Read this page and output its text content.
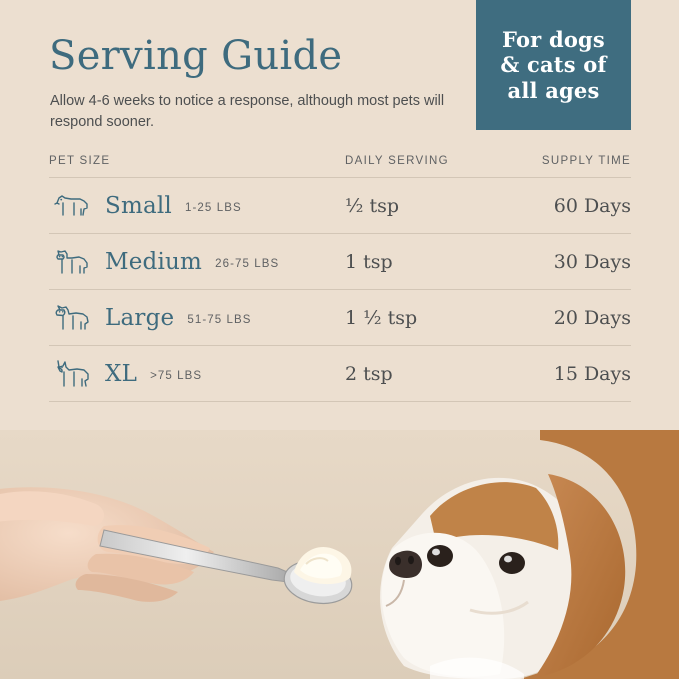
For dogs
& cats of
all ages
Serving Guide
Allow 4-6 weeks to notice a response, although most pets will respond sooner.
PET SIZE	DAILY SERVING	SUPPLY TIME
Small 1-25 LBS	½ tsp	60 Days
Medium 26-75 LBS	1 tsp	30 Days
Large 51-75 LBS	1 ½ tsp	20 Days
XL >75 LBS	2 tsp	15 Days
